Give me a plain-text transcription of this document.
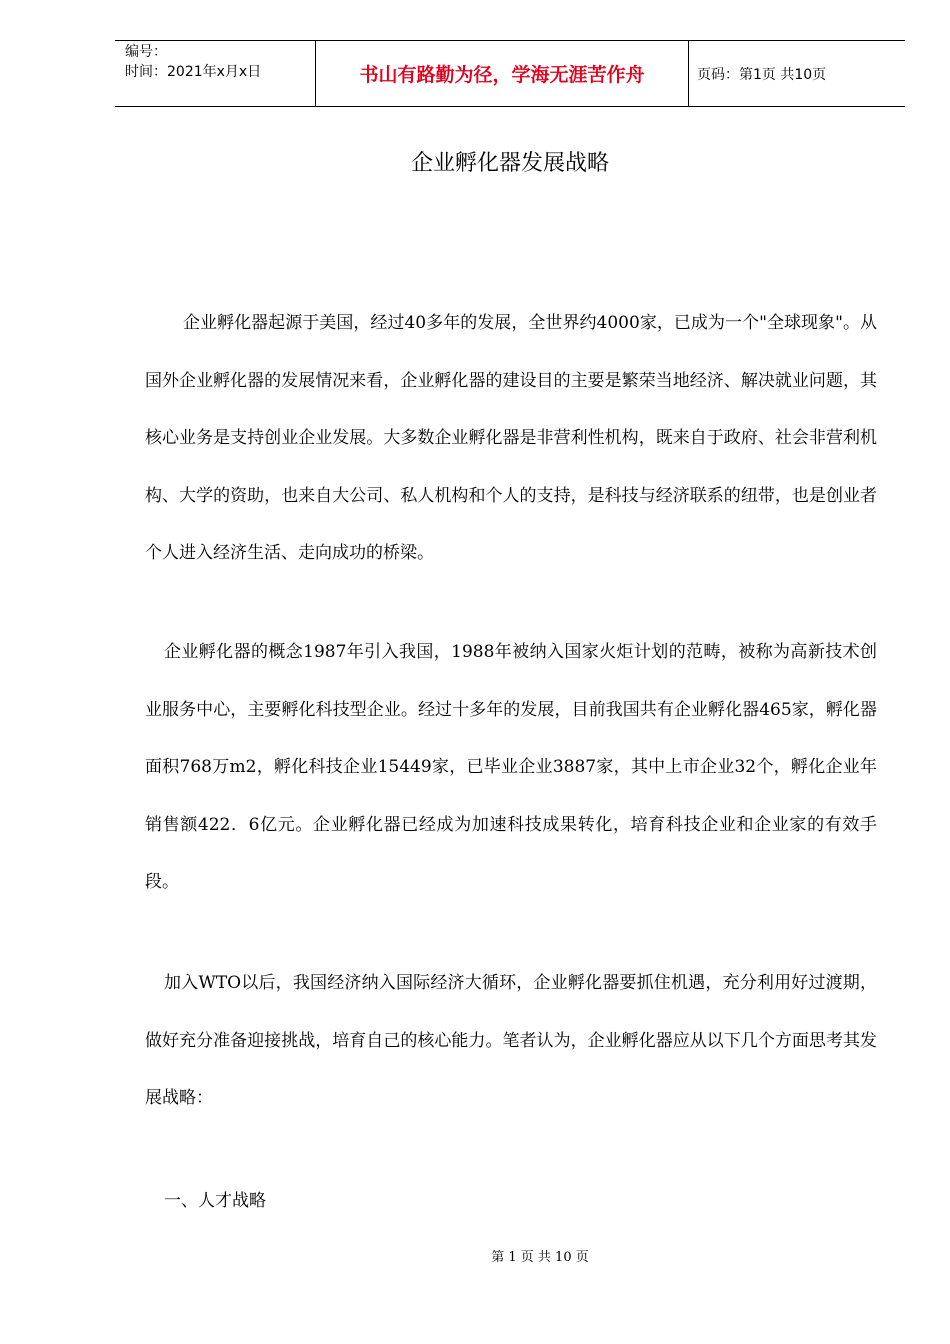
编号：
时间：2021年x月x日	书山有路勤为径，学海无涯苦作舟	页码：第1页 共10页
企业孵化器发展战略

企业孵化器起源于美国，经过40多年的发展，全世界约4000家，已成为一个"全球现象"。从国外企业孵化器的发展情况来看，企业孵化器的建设目的主要是繁荣当地经济、解决就业问题，其核心业务是支持创业企业发展。大多数企业孵化器是非营利性机构，既来自于政府、社会非营利机构、大学的资助，也来自大公司、私人机构和个人的支持，是科技与经济联系的纽带，也是创业者个人进入经济生活、走向成功的桥梁。

企业孵化器的概念1987年引入我国，1988年被纳入国家火炬计划的范畴，被称为高新技术创业服务中心，主要孵化科技型企业。经过十多年的发展，目前我国共有企业孵化器465家，孵化器面积768万m2，孵化科技企业15449家，已毕业企业3887家，其中上市企业32个，孵化企业年销售额422．6亿元。企业孵化器已经成为加速科技成果转化，培育科技企业和企业家的有效手段。

加入WTO以后，我国经济纳入国际经济大循环，企业孵化器要抓住机遇，充分利用好过渡期，做好充分准备迎接挑战，培育自己的核心能力。笔者认为，企业孵化器应从以下几个方面思考其发展战略：

一、人才战略

第 1 页 共 10 页
